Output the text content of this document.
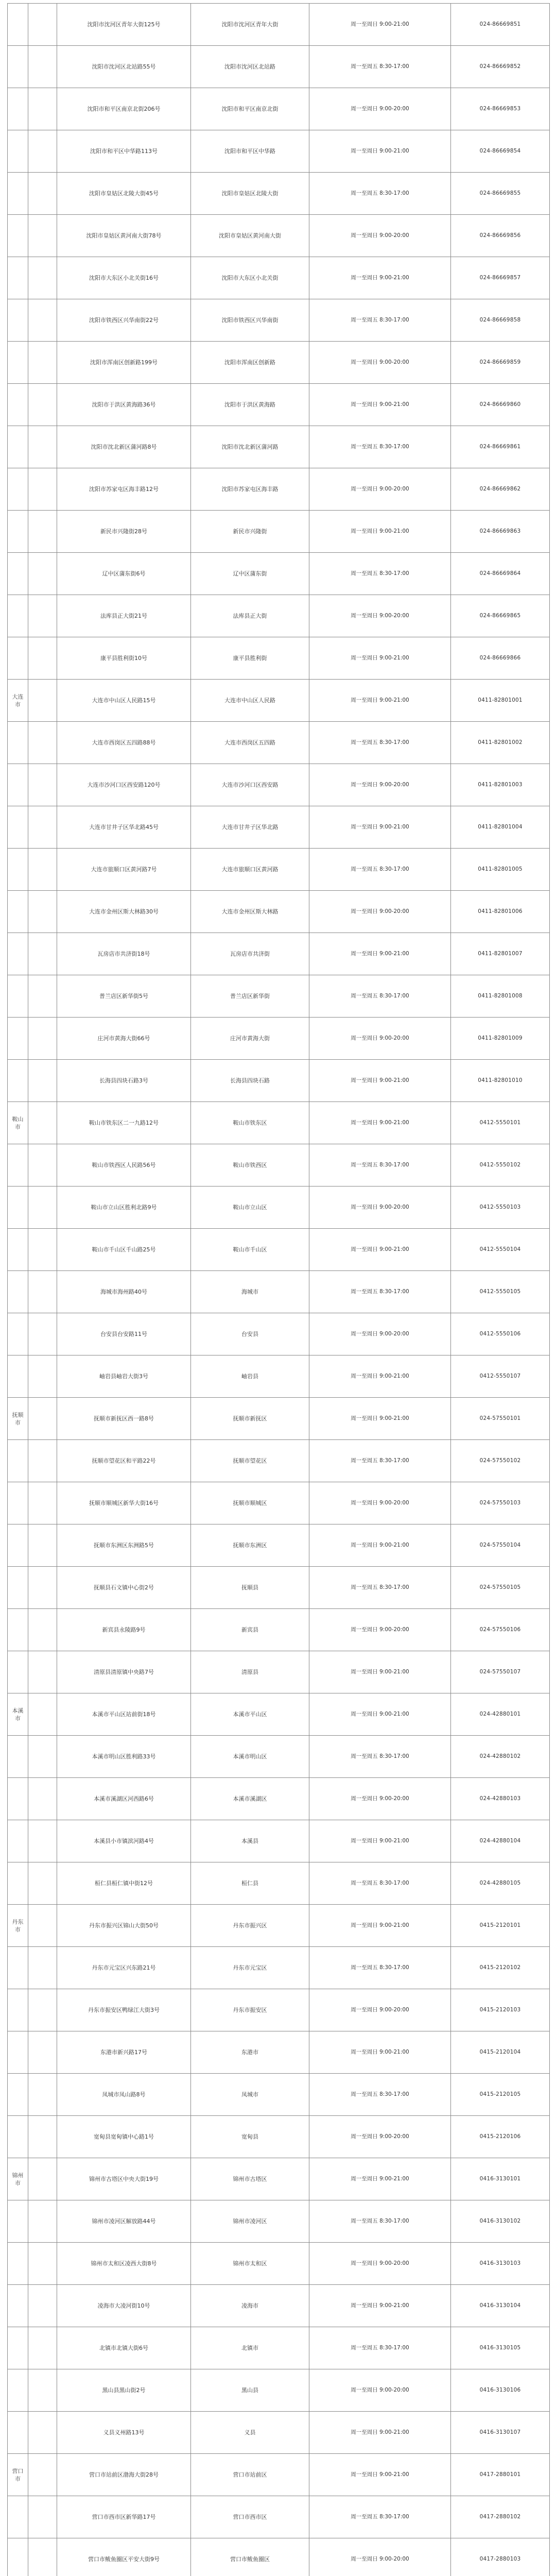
		沈阳市沈河区青年大街125号	沈阳市沈河区青年大街	周一至周日 9:00-21:00	024-86669851
		沈阳市沈河区北站路55号	沈阳市沈河区北站路	周一至周五 8:30-17:00	024-86669852
		沈阳市和平区南京北街206号	沈阳市和平区南京北街	周一至周日 9:00-20:00	024-86669853
		沈阳市和平区中华路113号	沈阳市和平区中华路	周一至周日 9:00-21:00	024-86669854
		沈阳市皇姑区北陵大街45号	沈阳市皇姑区北陵大街	周一至周五 8:30-17:00	024-86669855
		沈阳市皇姑区黄河南大街78号	沈阳市皇姑区黄河南大街	周一至周日 9:00-20:00	024-86669856
		沈阳市大东区小北关街16号	沈阳市大东区小北关街	周一至周日 9:00-21:00	024-86669857
		沈阳市铁西区兴华南街22号	沈阳市铁西区兴华南街	周一至周五 8:30-17:00	024-86669858
		沈阳市浑南区创新路199号	沈阳市浑南区创新路	周一至周日 9:00-20:00	024-86669859
		沈阳市于洪区黄海路36号	沈阳市于洪区黄海路	周一至周日 9:00-21:00	024-86669860
		沈阳市沈北新区蒲河路8号	沈阳市沈北新区蒲河路	周一至周五 8:30-17:00	024-86669861
		沈阳市苏家屯区海丰路12号	沈阳市苏家屯区海丰路	周一至周日 9:00-20:00	024-86669862
		新民市兴隆街28号	新民市兴隆街	周一至周日 9:00-21:00	024-86669863
		辽中区蒲东街6号	辽中区蒲东街	周一至周五 8:30-17:00	024-86669864
		法库县正大街21号	法库县正大街	周一至周日 9:00-20:00	024-86669865
		康平县胜利街10号	康平县胜利街	周一至周日 9:00-21:00	024-86669866
大连市		大连市中山区人民路15号	大连市中山区人民路	周一至周日 9:00-21:00	0411-82801001
		大连市西岗区五四路88号	大连市西岗区五四路	周一至周五 8:30-17:00	0411-82801002
		大连市沙河口区西安路120号	大连市沙河口区西安路	周一至周日 9:00-20:00	0411-82801003
		大连市甘井子区华北路45号	大连市甘井子区华北路	周一至周日 9:00-21:00	0411-82801004
		大连市旅顺口区黄河路7号	大连市旅顺口区黄河路	周一至周五 8:30-17:00	0411-82801005
		大连市金州区斯大林路30号	大连市金州区斯大林路	周一至周日 9:00-20:00	0411-82801006
		瓦房店市共济街18号	瓦房店市共济街	周一至周日 9:00-21:00	0411-82801007
		普兰店区新华街5号	普兰店区新华街	周一至周五 8:30-17:00	0411-82801008
		庄河市黄海大街66号	庄河市黄海大街	周一至周日 9:00-20:00	0411-82801009
		长海县四块石路3号	长海县四块石路	周一至周日 9:00-21:00	0411-82801010
鞍山市		鞍山市铁东区二一九路12号	鞍山市铁东区	周一至周日 9:00-21:00	0412-5550101
		鞍山市铁西区人民路56号	鞍山市铁西区	周一至周五 8:30-17:00	0412-5550102
		鞍山市立山区胜利北路9号	鞍山市立山区	周一至周日 9:00-20:00	0412-5550103
		鞍山市千山区千山路25号	鞍山市千山区	周一至周日 9:00-21:00	0412-5550104
		海城市海州路40号	海城市	周一至周五 8:30-17:00	0412-5550105
		台安县台安路11号	台安县	周一至周日 9:00-20:00	0412-5550106
		岫岩县岫岩大街3号	岫岩县	周一至周日 9:00-21:00	0412-5550107
抚顺市		抚顺市新抚区西一路8号	抚顺市新抚区	周一至周日 9:00-21:00	024-57550101
		抚顺市望花区和平路22号	抚顺市望花区	周一至周五 8:30-17:00	024-57550102
		抚顺市顺城区新华大街16号	抚顺市顺城区	周一至周日 9:00-20:00	024-57550103
		抚顺市东洲区东洲路5号	抚顺市东洲区	周一至周日 9:00-21:00	024-57550104
		抚顺县石文镇中心街2号	抚顺县	周一至周五 8:30-17:00	024-57550105
		新宾县永陵路9号	新宾县	周一至周日 9:00-20:00	024-57550106
		清原县清原镇中央路7号	清原县	周一至周日 9:00-21:00	024-57550107
本溪市		本溪市平山区站前街18号	本溪市平山区	周一至周日 9:00-21:00	024-42880101
		本溪市明山区胜利路33号	本溪市明山区	周一至周五 8:30-17:00	024-42880102
		本溪市溪湖区河西路6号	本溪市溪湖区	周一至周日 9:00-20:00	024-42880103
		本溪县小市镇滨河路4号	本溪县	周一至周日 9:00-21:00	024-42880104
		桓仁县桓仁镇中街12号	桓仁县	周一至周五 8:30-17:00	024-42880105
丹东市		丹东市振兴区锦山大街50号	丹东市振兴区	周一至周日 9:00-21:00	0415-2120101
		丹东市元宝区兴东路21号	丹东市元宝区	周一至周五 8:30-17:00	0415-2120102
		丹东市振安区鸭绿江大街3号	丹东市振安区	周一至周日 9:00-20:00	0415-2120103
		东港市新兴路17号	东港市	周一至周日 9:00-21:00	0415-2120104
		凤城市凤山路8号	凤城市	周一至周五 8:30-17:00	0415-2120105
		宽甸县宽甸镇中心路1号	宽甸县	周一至周日 9:00-20:00	0415-2120106
锦州市		锦州市古塔区中央大街19号	锦州市古塔区	周一至周日 9:00-21:00	0416-3130101
		锦州市凌河区解放路44号	锦州市凌河区	周一至周五 8:30-17:00	0416-3130102
		锦州市太和区凌西大街8号	锦州市太和区	周一至周日 9:00-20:00	0416-3130103
		凌海市大凌河街10号	凌海市	周一至周日 9:00-21:00	0416-3130104
		北镇市北镇大街6号	北镇市	周一至周五 8:30-17:00	0416-3130105
		黑山县黑山街2号	黑山县	周一至周日 9:00-20:00	0416-3130106
		义县义州路13号	义县	周一至周日 9:00-21:00	0416-3130107
营口市		营口市站前区渤海大街28号	营口市站前区	周一至周日 9:00-21:00	0417-2880101
		营口市西市区新华路17号	营口市西市区	周一至周五 8:30-17:00	0417-2880102
		营口市鲅鱼圈区平安大街9号	营口市鲅鱼圈区	周一至周日 9:00-20:00	0417-2880103
